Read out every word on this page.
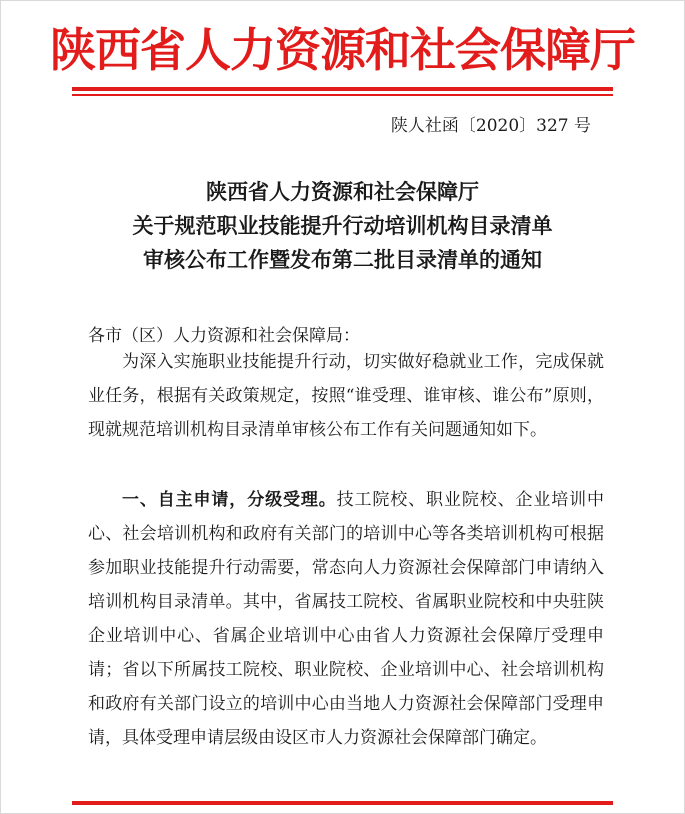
陕西省人力资源和社会保障厅
陕人社函〔2020〕327 号
陕西省人力资源和社会保障厅
关于规范职业技能提升行动培训机构目录清单
审核公布工作暨发布第二批目录清单的通知
各市（区）人力资源和社会保障局：

为深入实施职业技能提升行动，切实做好稳就业工作，完成保就业任务，根据有关政策规定，按照“谁受理、谁审核、谁公布”原则，现就规范培训机构目录清单审核公布工作有关问题通知如下。

一、自主申请，分级受理。技工院校、职业院校、企业培训中心、社会培训机构和政府有关部门的培训中心等各类培训机构可根据参加职业技能提升行动需要，常态向人力资源社会保障部门申请纳入培训机构目录清单。其中，省属技工院校、省属职业院校和中央驻陕企业培训中心、省属企业培训中心由省人力资源社会保障厅受理申请；省以下所属技工院校、职业院校、企业培训中心、社会培训机构和政府有关部门设立的培训中心由当地人力资源社会保障部门受理申请，具体受理申请层级由设区市人力资源社会保障部门确定。
